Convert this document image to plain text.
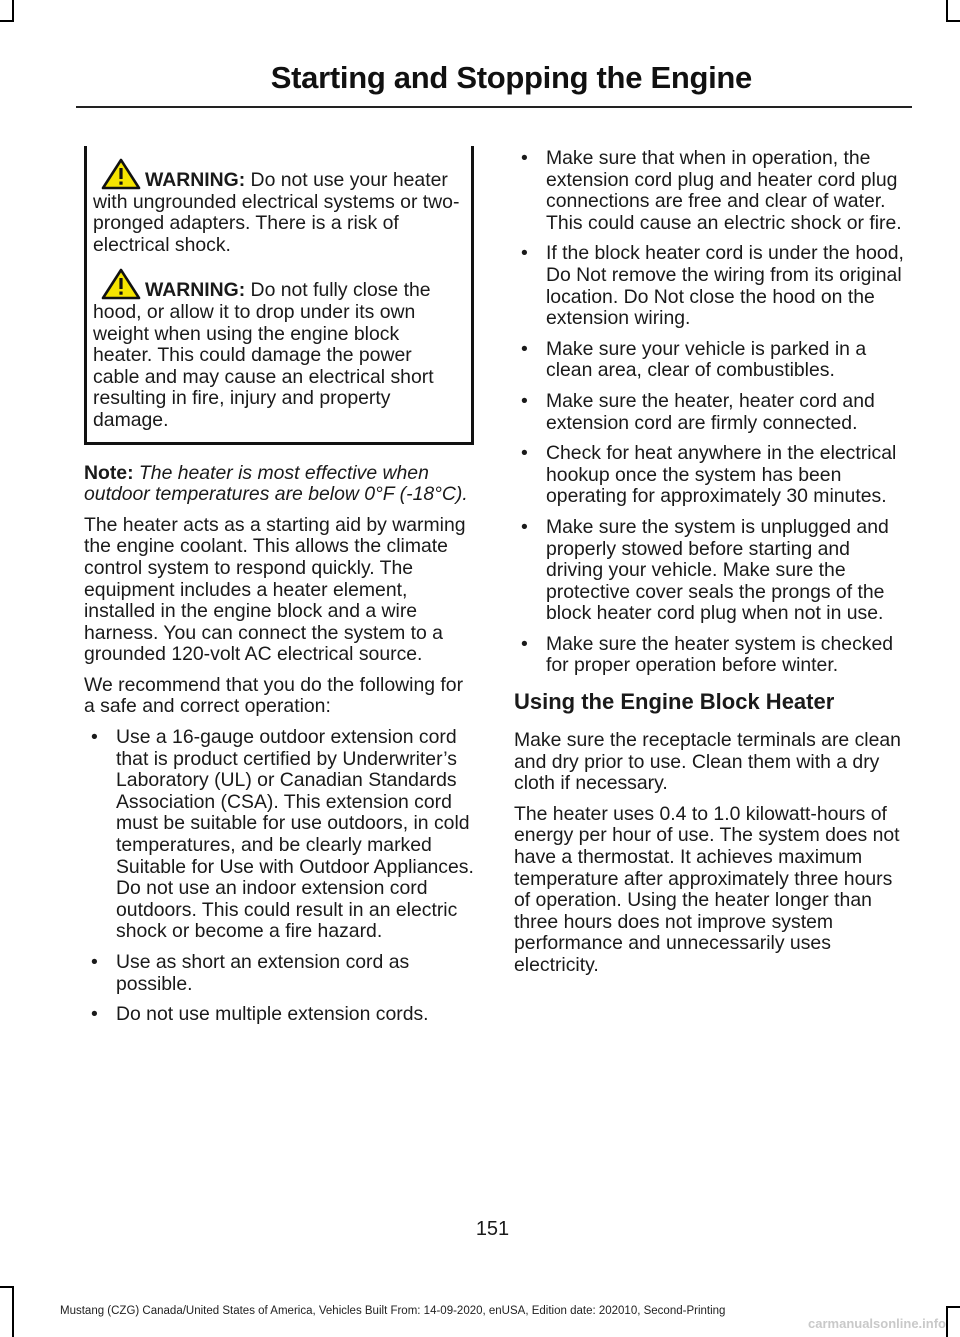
Starting and Stopping the Engine
WARNING: Do not use your heater with ungrounded electrical systems or two-pronged adapters. There is a risk of electrical shock.
WARNING: Do not fully close the hood, or allow it to drop under its own weight when using the engine block heater. This could damage the power cable and may cause an electrical short resulting in fire, injury and property damage.

Note: The heater is most effective when outdoor temperatures are below 0°F (-18°C).

The heater acts as a starting aid by warming the engine coolant. This allows the climate control system to respond quickly. The equipment includes a heater element, installed in the engine block and a wire harness. You can connect the system to a grounded 120-volt AC electrical source.

We recommend that you do the following for a safe and correct operation:

• Use a 16-gauge outdoor extension cord that is product certified by Underwriter’s Laboratory (UL) or Canadian Standards Association (CSA). This extension cord must be suitable for use outdoors, in cold temperatures, and be clearly marked Suitable for Use with Outdoor Appliances. Do not use an indoor extension cord outdoors. This could result in an electric shock or become a fire hazard.
• Use as short an extension cord as possible.
• Do not use multiple extension cords.
• Make sure that when in operation, the extension cord plug and heater cord plug connections are free and clear of water. This could cause an electric shock or fire.
• If the block heater cord is under the hood, Do Not remove the wiring from its original location. Do Not close the hood on the extension wiring.
• Make sure your vehicle is parked in a clean area, clear of combustibles.
• Make sure the heater, heater cord and extension cord are firmly connected.
• Check for heat anywhere in the electrical hookup once the system has been operating for approximately 30 minutes.
• Make sure the system is unplugged and properly stowed before starting and driving your vehicle. Make sure the protective cover seals the prongs of the block heater cord plug when not in use.
• Make sure the heater system is checked for proper operation before winter.
Using the Engine Block Heater

Make sure the receptacle terminals are clean and dry prior to use. Clean them with a dry cloth if necessary.

The heater uses 0.4 to 1.0 kilowatt-hours of energy per hour of use. The system does not have a thermostat. It achieves maximum temperature after approximately three hours of operation. Using the heater longer than three hours does not improve system performance and unnecessarily uses electricity.

151
Mustang (CZG) Canada/United States of America, Vehicles Built From: 14-09-2020, enUSA, Edition date: 202010, Second-Printing
carmanualsonline.info
